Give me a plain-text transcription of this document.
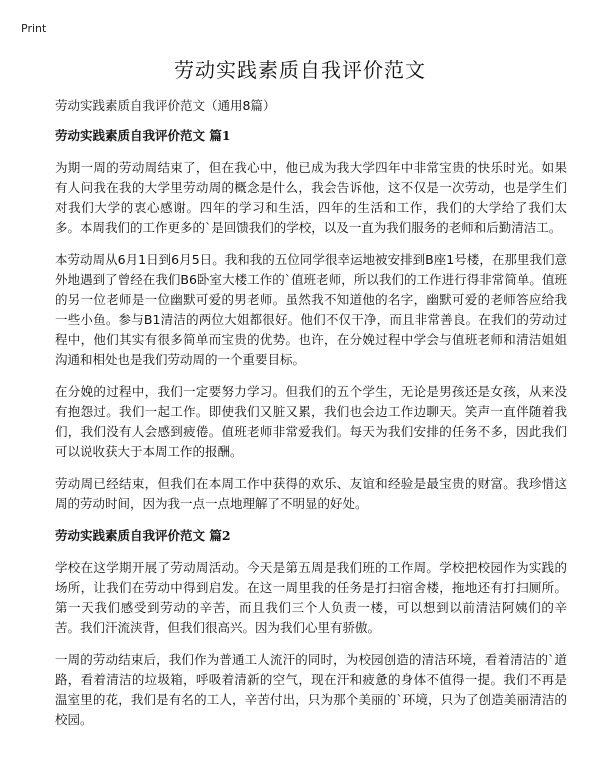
Print
劳动实践素质自我评价范文

劳动实践素质自我评价范文（通用8篇）

劳动实践素质自我评价范文 篇1

为期一周的劳动周结束了，但在我心中，他已成为我大学四年中非常宝贵的快乐时光。如果有人问我在我的大学里劳动周的概念是什么，我会告诉他，这不仅是一次劳动，也是学生们对我们大学的衷心感谢。四年的学习和生活，四年的生活和工作，我们的大学给了我们太多。本周我们的工作更多的`是回馈我们的学校，以及一直为我们服务的老师和后勤清洁工。

本劳动周从6月1日到6月5日。我和我的五位同学很幸运地被安排到B座1号楼，在那里我们意外地遇到了曾经在我们B6卧室大楼工作的`值班老师，所以我们的工作进行得非常简单。值班的另一位老师是一位幽默可爱的男老师。虽然我不知道他的名字，幽默可爱的老师答应给我一些小鱼。参与B1清洁的两位大姐都很好。他们不仅干净，而且非常善良。在我们的劳动过程中，他们其实有很多简单而宝贵的优势。也许，在分娩过程中学会与值班老师和清洁姐姐沟通和相处也是我们劳动周的一个重要目标。

在分娩的过程中，我们一定要努力学习。但我们的五个学生，无论是男孩还是女孩，从来没有抱怨过。我们一起工作。即使我们又脏又累，我们也会边工作边聊天。笑声一直伴随着我们，我们没有人会感到疲倦。值班老师非常爱我们。每天为我们安排的任务不多，因此我们可以说收获大于本周工作的报酬。

劳动周已经结束，但我们在本周工作中获得的欢乐、友谊和经验是最宝贵的财富。我珍惜这周的劳动时间，因为我一点一点地理解了不明显的好处。

劳动实践素质自我评价范文 篇2

学校在这学期开展了劳动周活动。今天是第五周是我们班的工作周。学校把校园作为实践的场所，让我们在劳动中得到启发。在这一周里我的任务是打扫宿舍楼，拖地还有打扫厕所。第一天我们感受到劳动的辛苦，而且我们三个人负责一楼，可以想到以前清洁阿姨们的辛苦。我们汗流浃背，但我们很高兴。因为我们心里有骄傲。

一周的劳动结束后，我们作为普通工人流汗的同时，为校园创造的清洁环境，看着清洁的`道路，看着清洁的垃圾箱，呼吸着清新的空气，现在汗和疲惫的身体不值得一提。我们不再是温室里的花，我们是有名的工人，辛苦付出，只为那个美丽的`环境，只为了创造美丽清洁的校园。
